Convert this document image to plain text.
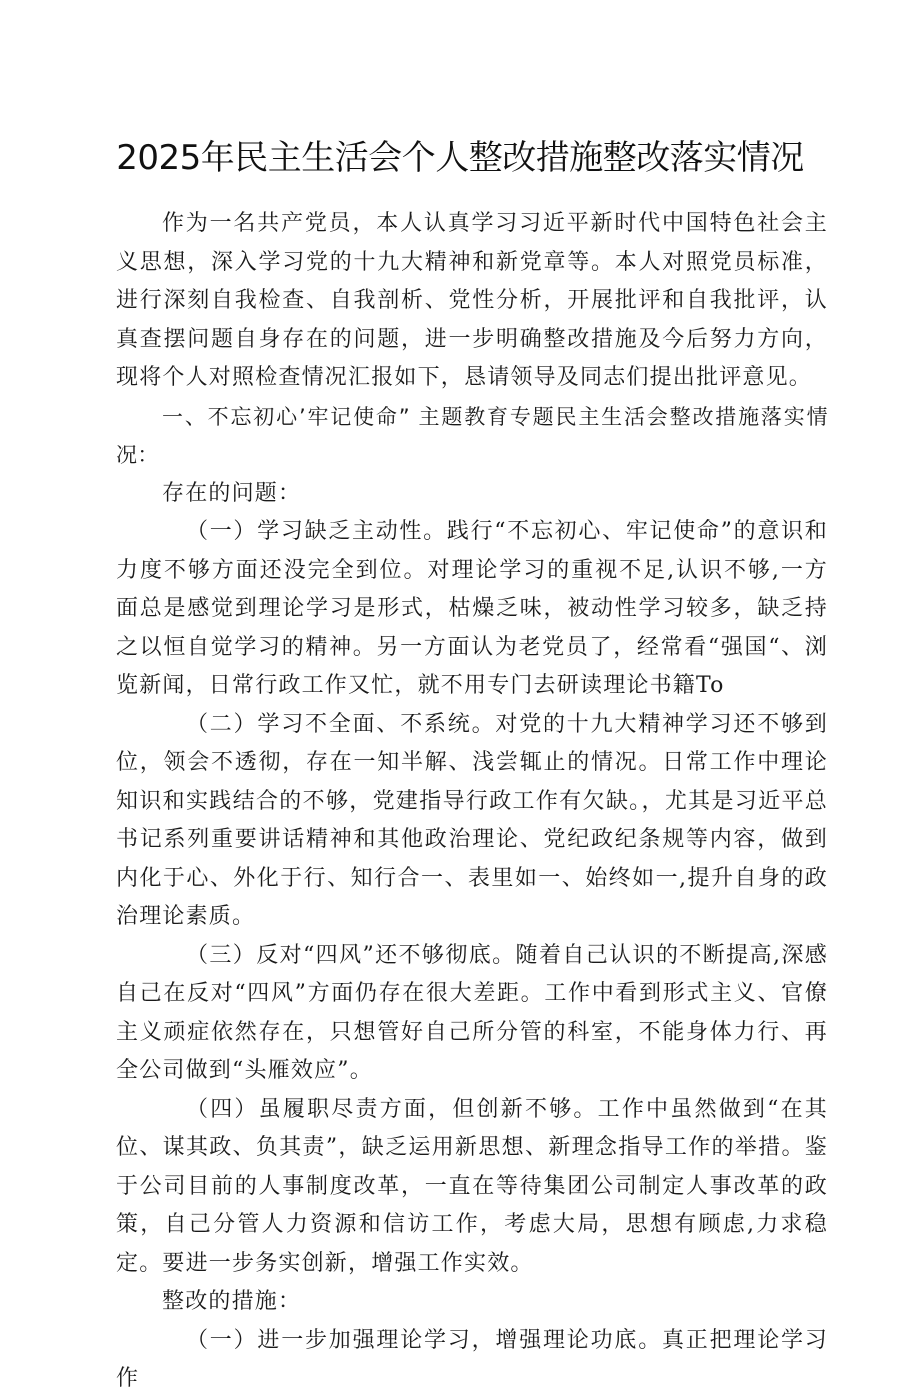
2025年民主生活会个人整改措施整改落实情况

作为一名共产党员，本人认真学习习近平新时代中国特色社会主义思想，深入学习党的十九大精神和新党章等。本人对照党员标准，进行深刻自我检查、自我剖析、党性分析，开展批评和自我批评，认真查摆问题自身存在的问题，进一步明确整改措施及今后努力方向，现将个人对照检查情况汇报如下，恳请领导及同志们提出批评意见。

一、不忘初心’牢记使命” 主题教育专题民主生活会整改措施落实情况：

存在的问题：

（一）学习缺乏主动性。践行“不忘初心、牢记使命”的意识和力度不够方面还没完全到位。对理论学习的重视不足,认识不够,一方面总是感觉到理论学习是形式，枯燥乏味，被动性学习较多，缺乏持之以恒自觉学习的精神。另一方面认为老党员了，经常看“强国“、浏览新闻，日常行政工作又忙，就不用专门去研读理论书籍To

（二）学习不全面、不系统。对党的十九大精神学习还不够到位，领会不透彻，存在一知半解、浅尝辄止的情况。日常工作中理论知识和实践结合的不够，党建指导行政工作有欠缺。，尤其是习近平总书记系列重要讲话精神和其他政治理论、党纪政纪条规等内容，做到内化于心、外化于行、知行合一、表里如一、始终如一,提升自身的政治理论素质。

（三）反对“四风”还不够彻底。随着自己认识的不断提高,深感自己在反对“四风”方面仍存在很大差距。工作中看到形式主义、官僚主义顽症依然存在，只想管好自己所分管的科室，不能身体力行、再全公司做到“头雁效应”。

（四）虽履职尽责方面，但创新不够。工作中虽然做到“在其位、谋其政、负其责”，缺乏运用新思想、新理念指导工作的举措。鉴于公司目前的人事制度改革，一直在等待集团公司制定人事改革的政策，自己分管人力资源和信访工作，考虑大局，思想有顾虑,力求稳定。要进一步务实创新，增强工作实效。

整改的措施：

（一）进一步加强理论学习，增强理论功底。真正把理论学习作
